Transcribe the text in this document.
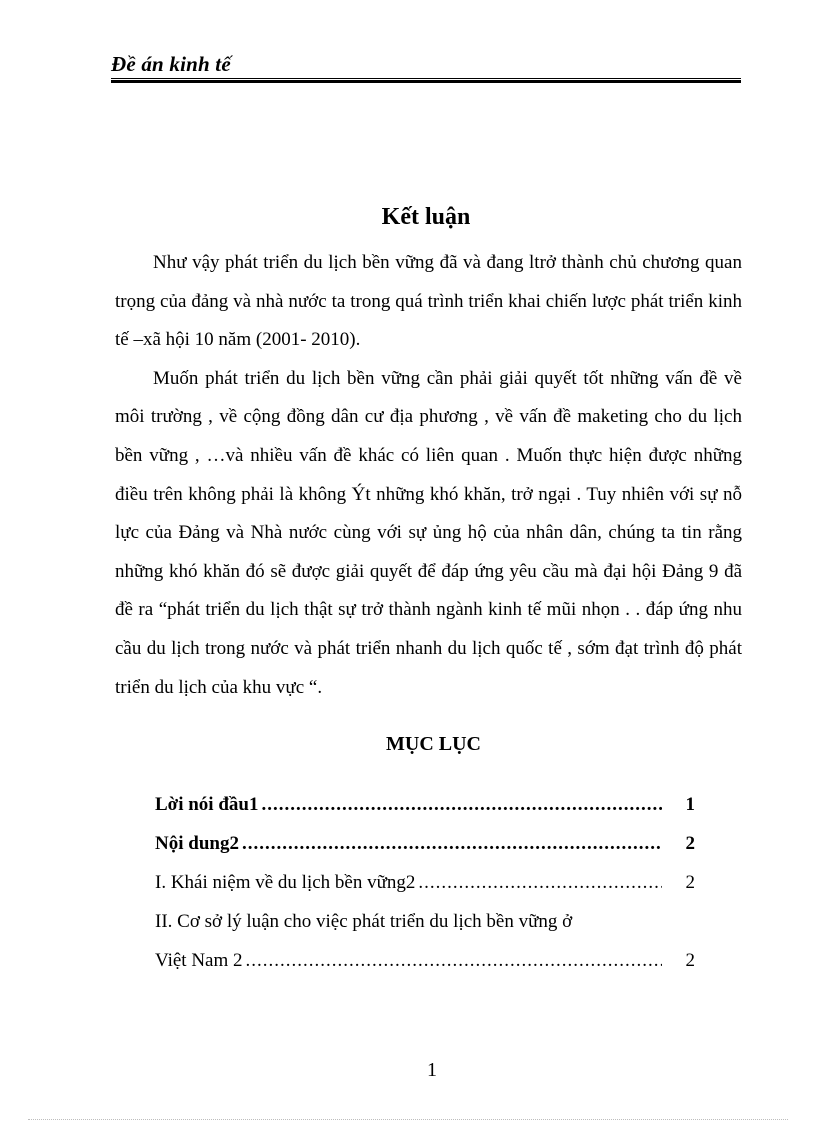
Đề án kinh tế
Kết luận

Như vậy phát triển du lịch bền vững đã và đang ltrở thành chủ chương quan trọng của đảng và nhà nước ta trong quá trình triển khai chiến lược phát triển kinh tế –xã hội 10 năm (2001- 2010).

Muốn phát triển du lịch bền vững cần phải giải quyết tốt những vấn đề về môi trường , về cộng đồng dân cư địa phương , về vấn đề maketing cho du lịch bền vững , …và nhiều vấn đề khác có liên quan . Muốn thực hiện được những điều trên không phải là không Ýt những khó khăn, trở ngại . Tuy nhiên với sự nỗ lực của Đảng và Nhà nước cùng với sự ủng hộ của nhân dân, chúng ta tin rằng những khó khăn đó sẽ được giải quyết để đáp ứng yêu cầu mà đại hội Đảng 9 đã đề ra “phát triển du lịch thật sự trở thành ngành kinh tế mũi nhọn . . đáp ứng nhu cầu du lịch trong nước và phát triển nhanh du lịch quốc tế , sớm đạt trình độ phát triển du lịch của khu vực “.

MỤC LỤC
Lời nói đầu1 .....	1
Nội dung2 .....	2
I. Khái niệm về du lịch bền vững2 .....	2
II. Cơ sở lý luận cho việc phát triển du lịch bền vững ở
Việt Nam 2 .....	2
1
